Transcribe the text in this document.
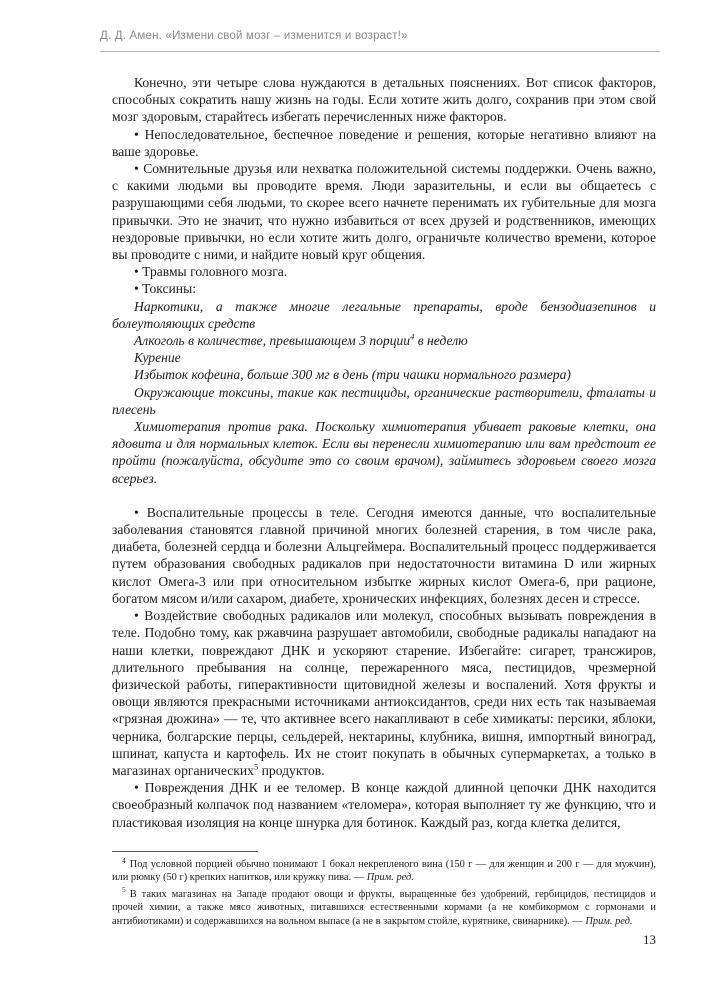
Д. Д. Амен. «Измени свой мозг – изменится и возраст!»

Конечно, эти четыре слова нуждаются в детальных пояснениях. Вот список факторов, способных сократить нашу жизнь на годы. Если хотите жить долго, сохранив при этом свой мозг здоровым, старайтесь избегать перечисленных ниже факторов.

• Непоследовательное, беспечное поведение и решения, которые негативно влияют на ваше здоровье.

• Сомнительные друзья или нехватка положительной системы поддержки. Очень важно, с какими людьми вы проводите время. Люди заразительны, и если вы общаетесь с разрушающими себя людьми, то скорее всего начнете перенимать их губительные для мозга привычки. Это не значит, что нужно избавиться от всех друзей и родственников, имеющих нездоровые привычки, но если хотите жить долго, ограничьте количество времени, которое вы проводите с ними, и найдите новый круг общения.

• Травмы головного мозга.

• Токсины:

Наркотики, а также многие легальные препараты, вроде бензодиазепинов и болеутоляющих средств

Алкоголь в количестве, превышающем 3 порции$^4$ в неделю

Курение

Избыток кофеина, больше 300 мг в день (три чашки нормального размера)

Окружающие токсины, такие как пестициды, органические растворители, фталаты и плесень

Химиотерапия против рака. Поскольку химиотерапия убивает раковые клетки, она ядовита и для нормальных клеток. Если вы перенесли химиотерапию или вам предстоит ее пройти (пожалуйста, обсудите это со своим врачом), займитесь здоровьем своего мозга всерьез.

• Воспалительные процессы в теле. Сегодня имеются данные, что воспалительные заболевания становятся главной причиной многих болезней старения, в том числе рака, диабета, болезней сердца и болезни Альцгеймера. Воспалительный процесс поддерживается путем образования свободных радикалов при недостаточности витамина D или жирных кислот Омега-3 или при относительном избытке жирных кислот Омега-6, при рационе, богатом мясом и/или сахаром, диабете, хронических инфекциях, болезнях десен и стрессе.

• Воздействие свободных радикалов или молекул, способных вызывать повреждения в теле. Подобно тому, как ржавчина разрушает автомобили, свободные радикалы нападают на наши клетки, повреждают ДНК и ускоряют старение. Избегайте: сигарет, трансжиров, длительного пребывания на солнце, пережаренного мяса, пестицидов, чрезмерной физической работы, гиперактивности щитовидной железы и воспалений. Хотя фрукты и овощи являются прекрасными источниками антиоксидантов, среди них есть так называемая «грязная дюжина» — те, что активнее всего накапливают в себе химикаты: персики, яблоки, черника, болгарские перцы, сельдерей, нектарины, клубника, вишня, импортный виноград, шпинат, капуста и картофель. Их не стоит покупать в обычных супермаркетах, а только в магазинах органических$^5$ продуктов.

• Повреждения ДНК и ее теломер. В конце каждой длинной цепочки ДНК находится своеобразный колпачок под названием «теломера», которая выполняет ту же функцию, что и пластиковая изоляция на конце шнурка для ботинок. Каждый раз, когда клетка делится,

$^4$ Под условной порцией обычно понимают 1 бокал некрепленого вина (150 г — для женщин и 200 г — для мужчин), или рюмку (50 г) крепких напитков, или кружку пива. — Прим. ред.

$^5$ В таких магазинах на Западе продают овощи и фрукты, выращенные без удобрений, гербицидов, пестицидов и прочей химии, а также мясо животных, питавшихся естественными кормами (а не комбикормом с гормонами и антибиотиками) и содержавшихся на вольном выпасе (а не в закрытом стойле, курятнике, свинарнике). — Прим. ред.

13
